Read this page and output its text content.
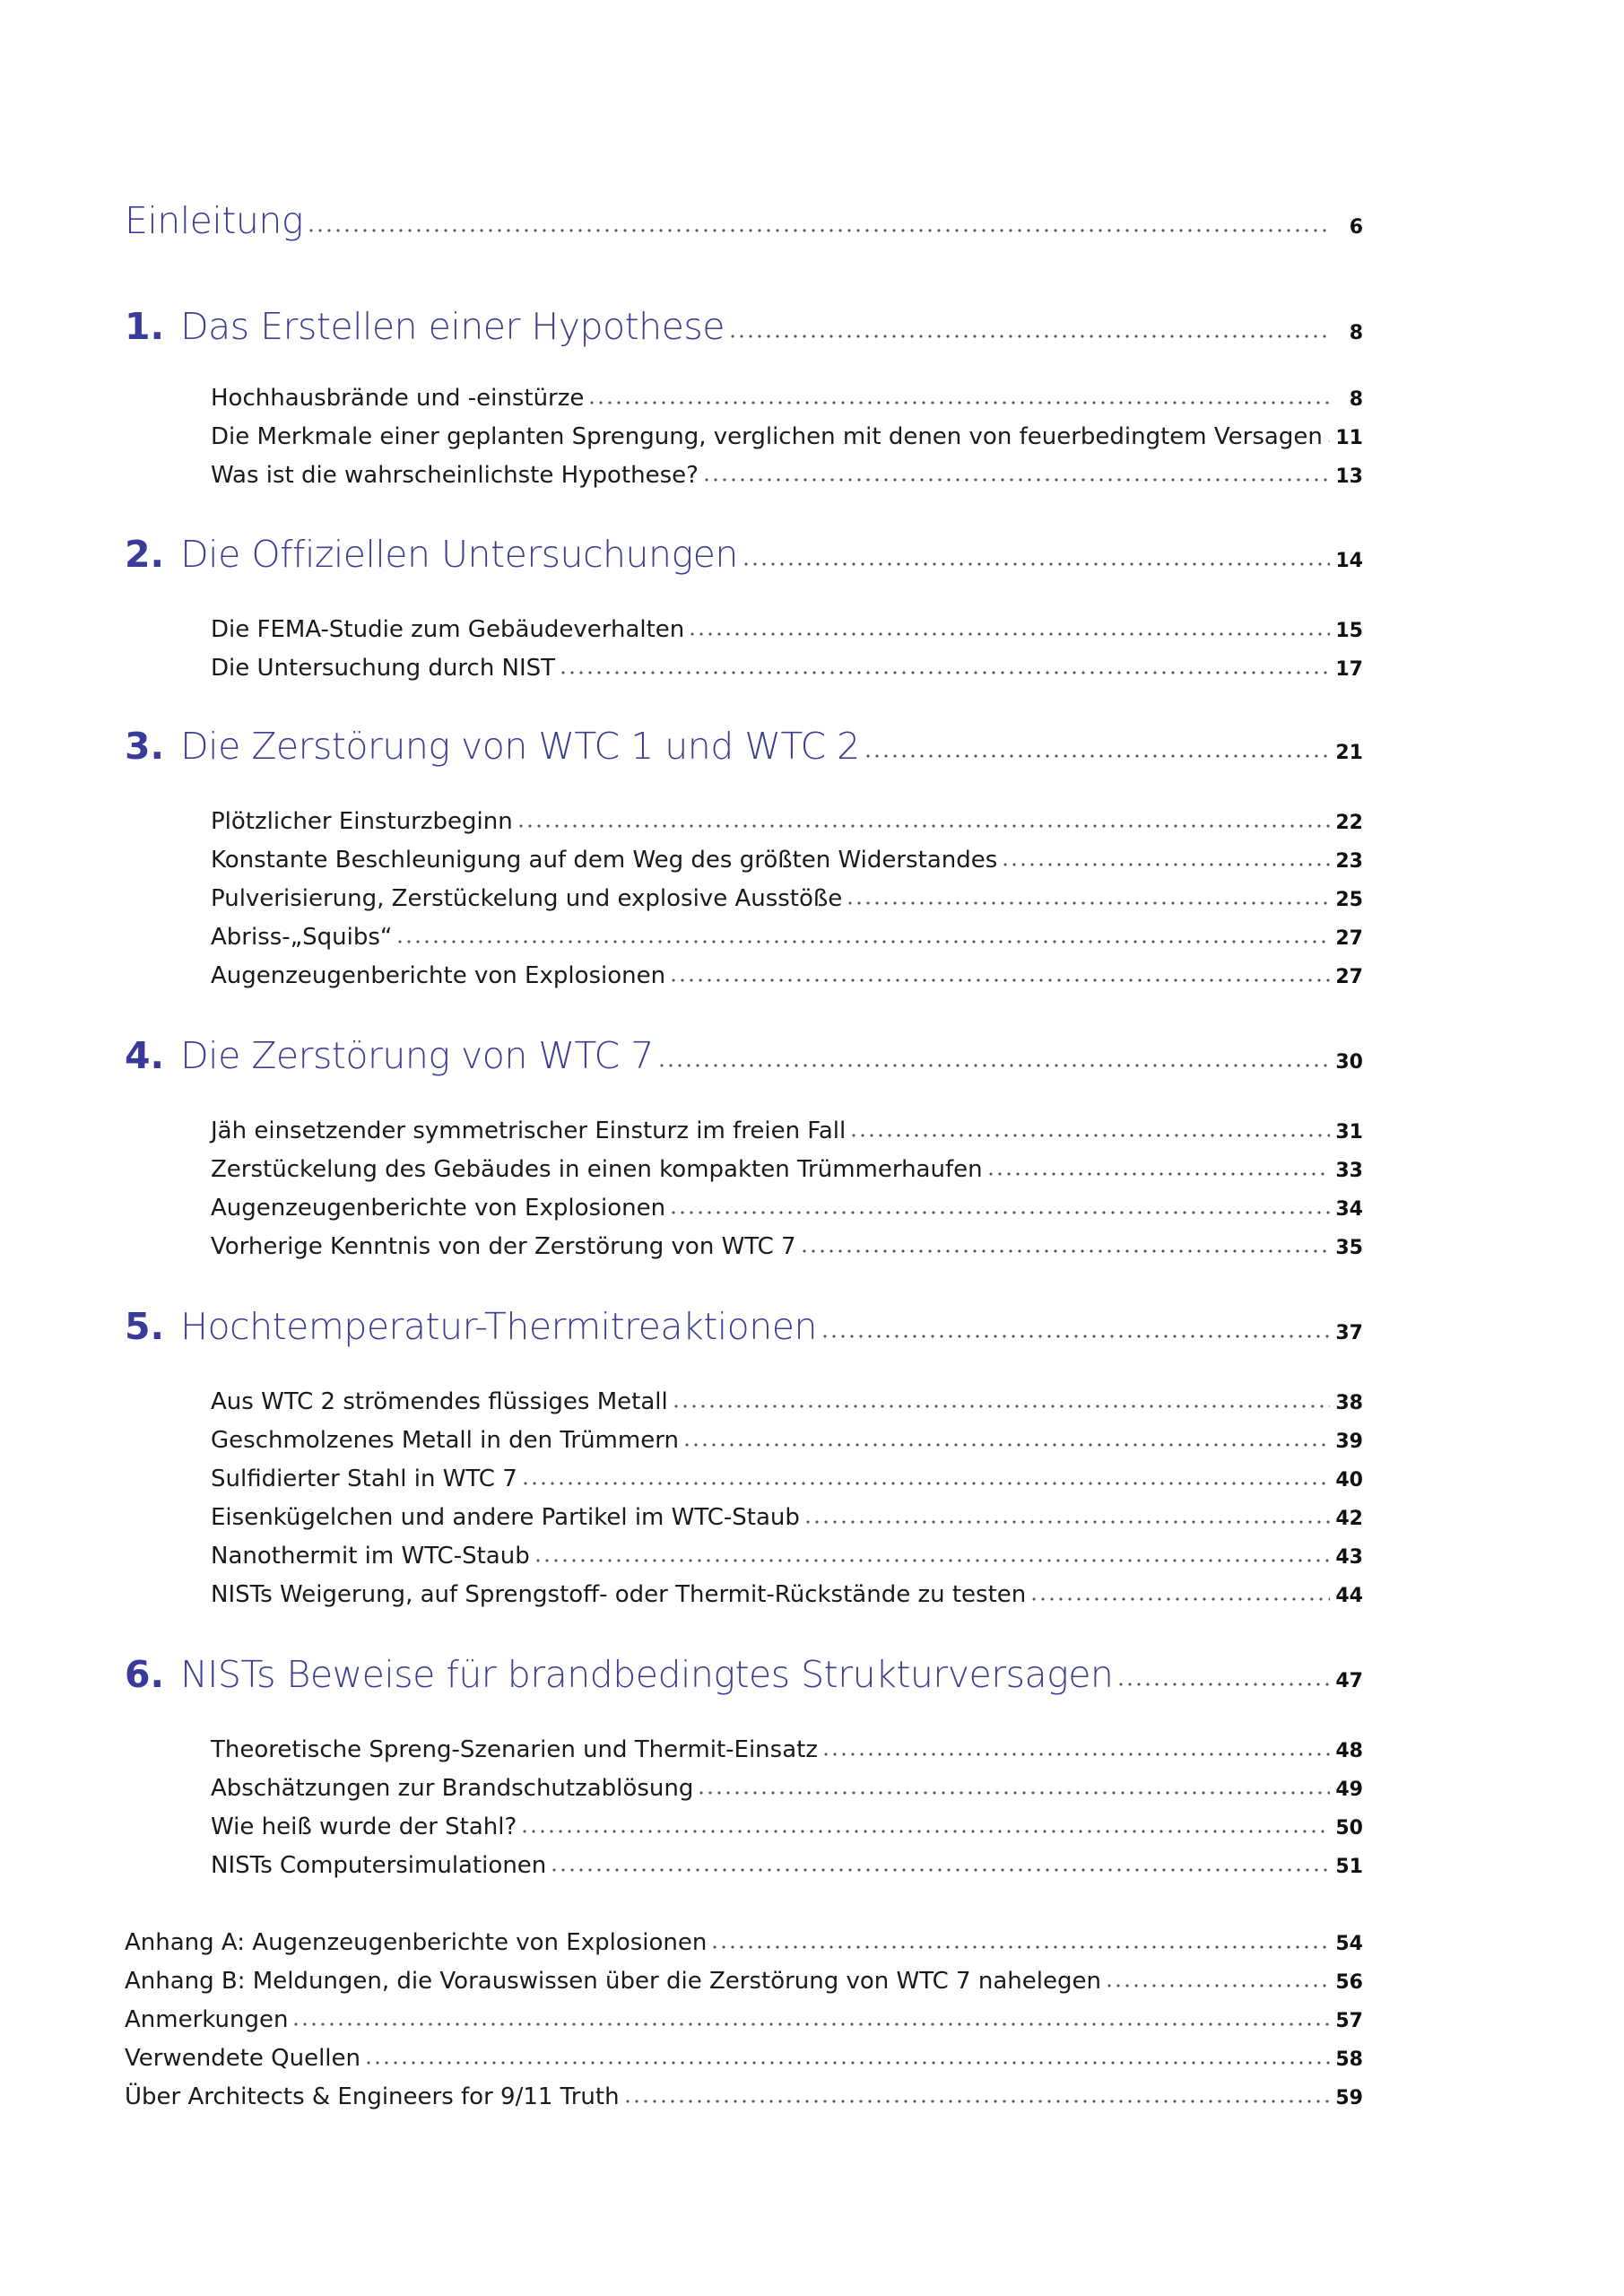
Einleitung	6
1. Das Erstellen einer Hypothese	8
Hochhausbrände und -einstürze	8
Die Merkmale einer geplanten Sprengung, verglichen mit denen von feuerbedingtem Versagen 11
Was ist die wahrscheinlichste Hypothese?	13
2. Die Offiziellen Untersuchungen	14
Die FEMA-Studie zum Gebäudeverhalten	15
Die Untersuchung durch NIST	17
3. Die Zerstörung von WTC 1 und WTC 2	21
Plötzlicher Einsturzbeginn	22
Konstante Beschleunigung auf dem Weg des größten Widerstandes	23
Pulverisierung, Zerstückelung und explosive Ausstöße	25
Abriss-„Squibs“	27
Augenzeugenberichte von Explosionen	27
4. Die Zerstörung von WTC 7	30
Jäh einsetzender symmetrischer Einsturz im freien Fall	31
Zerstückelung des Gebäudes in einen kompakten Trümmerhaufen	33
Augenzeugenberichte von Explosionen	34
Vorherige Kenntnis von der Zerstörung von WTC 7	35
5. Hochtemperatur-Thermitreaktionen	37
Aus WTC 2 strömendes flüssiges Metall	38
Geschmolzenes Metall in den Trümmern	39
Sulfidierter Stahl in WTC 7	40
Eisenkügelchen und andere Partikel im WTC-Staub	42
Nanothermit im WTC-Staub	43
NISTs Weigerung, auf Sprengstoff- oder Thermit-Rückstände zu testen	44
6. NISTs Beweise für brandbedingtes Strukturversagen	47
Theoretische Spreng-Szenarien und Thermit-Einsatz	48
Abschätzungen zur Brandschutzablösung	49
Wie heiß wurde der Stahl?	50
NISTs Computersimulationen	51
Anhang A: Augenzeugenberichte von Explosionen	54
Anhang B: Meldungen, die Vorauswissen über die Zerstörung von WTC 7 nahelegen	56
Anmerkungen	57
Verwendete Quellen	58
Über Architects & Engineers for 9/11 Truth	59
